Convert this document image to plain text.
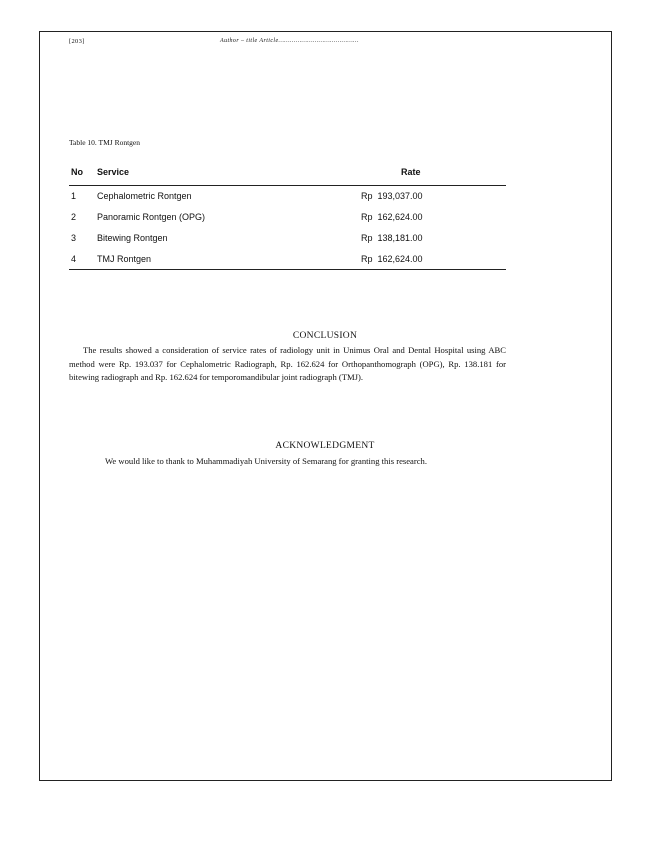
[203]	Author – title Article……………………………………
Table 10. TMJ Rontgen
No	Service	Rate
1	Cephalometric Rontgen	Rp  193,037.00
2	Panoramic Rontgen (OPG)	Rp  162,624.00
3	Bitewing Rontgen	Rp  138,181.00
4	TMJ Rontgen	Rp  162,624.00
CONCLUSION

The results showed a consideration of service rates of radiology unit in Unimus Oral and Dental Hospital using ABC method were Rp. 193.037 for Cephalometric Radiograph, Rp. 162.624 for Orthopanthomograph (OPG), Rp. 138.181 for bitewing radiograph and Rp. 162.624 for temporomandibular joint radiograph (TMJ).

ACKNOWLEDGMENT

We would like to thank to Muhammadiyah University of Semarang for granting this research.
